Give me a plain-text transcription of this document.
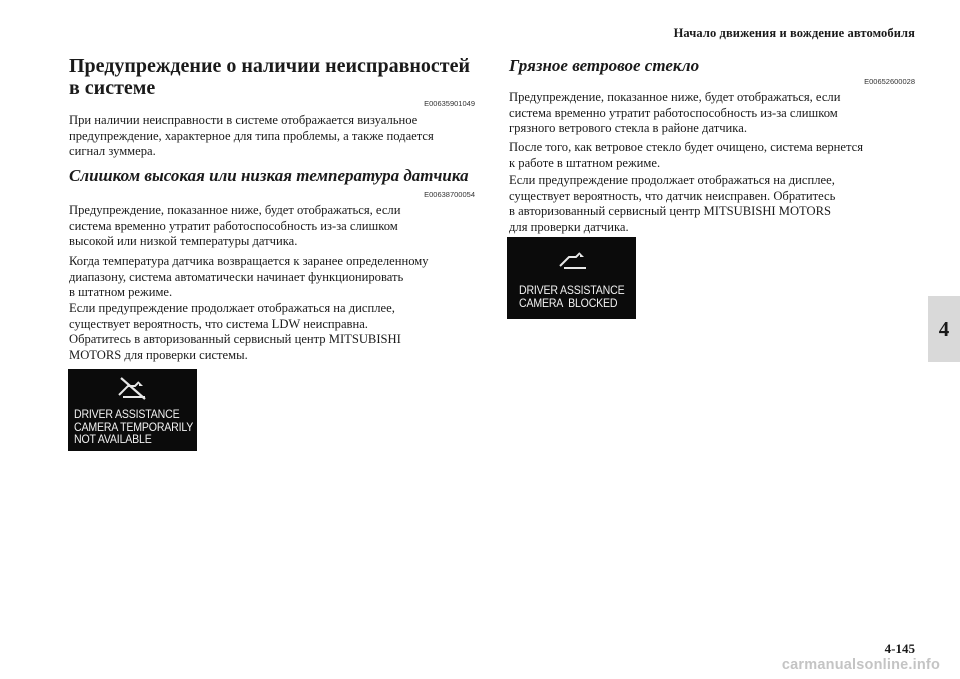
Начало движения и вождение автомобиля
4
Предупреждение о наличии неисправностей
в системе
E00635901049
При наличии неисправности в системе отображается визуальное
предупреждение, характерное для типа проблемы, а также подается
сигнал зуммера.
Слишком высокая или низкая температура датчика
E00638700054
Предупреждение, показанное ниже, будет отображаться, если
система временно утратит работоспособность из-за слишком
высокой или низкой температуры датчика.
Когда температура датчика возвращается к заранее определенному
диапазону, система автоматически начинает функционировать
в штатном режиме.
Если предупреждение продолжает отображаться на дисплее,
существует вероятность, что система LDW неисправна.
Обратитесь в авторизованный сервисный центр MITSUBISHI
MOTORS для проверки системы.
DRIVER ASSISTANCE
CAMERA TEMPORARILY
NOT AVAILABLE
Грязное ветровое стекло
E00652600028
Предупреждение, показанное ниже, будет отображаться, если
система временно утратит работоспособность из-за слишком
грязного ветрового стекла в районе датчика.
После того, как ветровое стекло будет очищено, система вернется
к работе в штатном режиме.
Если предупреждение продолжает отображаться на дисплее,
существует вероятность, что датчик неисправен. Обратитесь
в авторизованный сервисный центр MITSUBISHI MOTORS
для проверки датчика.
DRIVER ASSISTANCE
CAMERA  BLOCKED
4-145
carmanualsonline.info
